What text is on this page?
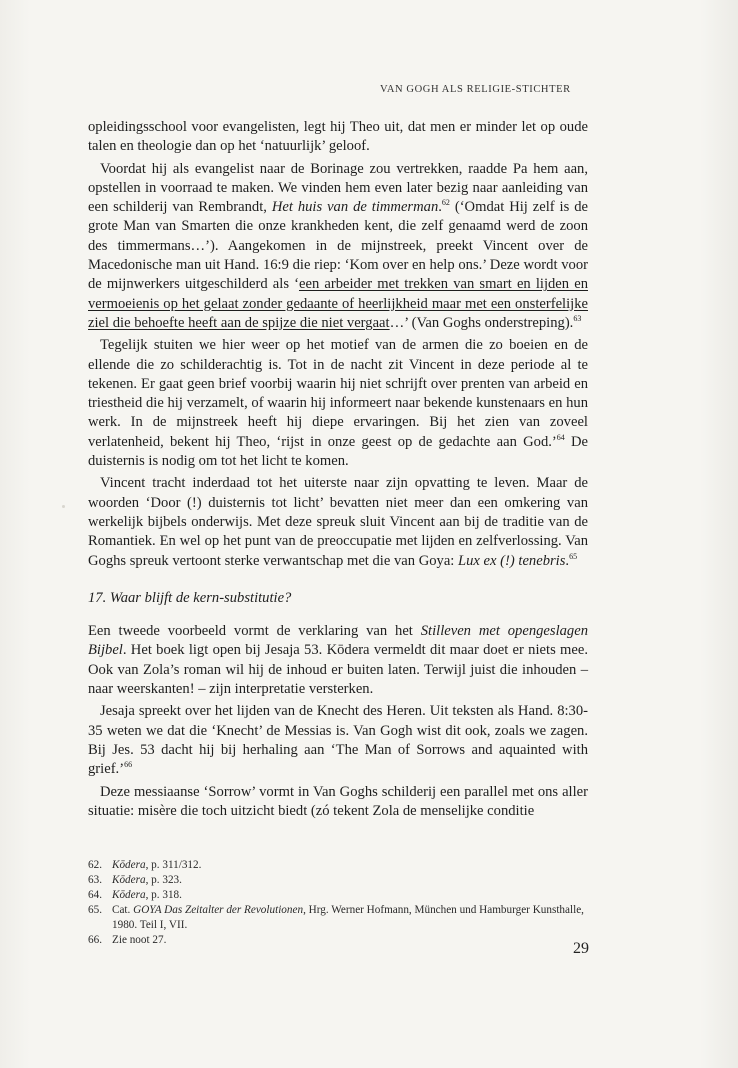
VAN GOGH ALS RELIGIE-STICHTER

opleidingsschool voor evangelisten, legt hij Theo uit, dat men er minder let op oude talen en theologie dan op het ‘natuurlijk’ geloof.

Voordat hij als evangelist naar de Borinage zou vertrekken, raadde Pa hem aan, opstellen in voorraad te maken. We vinden hem even later bezig naar aanleiding van een schilderij van Rembrandt, Het huis van de timmerman.$^{62}$ (‘Omdat Hij zelf is de grote Man van Smarten die onze krankheden kent, die zelf genaamd werd de zoon des timmermans…’). Aangekomen in de mijnstreek, preekt Vincent over de Macedonische man uit Hand. 16:9 die riep: ‘Kom over en help ons.’ Deze wordt voor de mijnwerkers uitgeschilderd als ‘een arbeider met trekken van smart en lijden en vermoeienis op het gelaat zonder gedaante of heerlijkheid maar met een onsterfelijke ziel die behoefte heeft aan de spijze die niet vergaat…’ (Van Goghs onderstreping).$^{63}$

Tegelijk stuiten we hier weer op het motief van de armen die zo boeien en de ellende die zo schilderachtig is. Tot in de nacht zit Vincent in deze periode al te tekenen. Er gaat geen brief voorbij waarin hij niet schrijft over prenten van arbeid en triestheid die hij verzamelt, of waarin hij informeert naar bekende kunstenaars en hun werk. In de mijnstreek heeft hij diepe ervaringen. Bij het zien van zoveel verlatenheid, bekent hij Theo, ‘rijst in onze geest op de gedachte aan God.’$^{64}$ De duisternis is nodig om tot het licht te komen.

Vincent tracht inderdaad tot het uiterste naar zijn opvatting te leven. Maar de woorden ‘Door (!) duisternis tot licht’ bevatten niet meer dan een omkering van werkelijk bijbels onderwijs. Met deze spreuk sluit Vincent aan bij de traditie van de Romantiek. En wel op het punt van de preoccupatie met lijden en zelfverlossing. Van Goghs spreuk vertoont sterke verwantschap met die van Goya: Lux ex (!) tenebris.$^{65}$

17. Waar blijft de kern-substitutie?

Een tweede voorbeeld vormt de verklaring van het Stilleven met opengeslagen Bijbel. Het boek ligt open bij Jesaja 53. Kōdera vermeldt dit maar doet er niets mee. Ook van Zola’s roman wil hij de inhoud er buiten laten. Terwijl juist die inhouden – naar weerskanten! – zijn interpretatie versterken.

Jesaja spreekt over het lijden van de Knecht des Heren. Uit teksten als Hand. 8:30-35 weten we dat die ‘Knecht’ de Messias is. Van Gogh wist dit ook, zoals we zagen. Bij Jes. 53 dacht hij bij herhaling aan ‘The Man of Sorrows and aquainted with grief.’$^{66}$

Deze messiaanse ‘Sorrow’ vormt in Van Goghs schilderij een parallel met ons aller situatie: misère die toch uitzicht biedt (zó tekent Zola de menselijke conditie

62. Kōdera, p. 311/312.
63. Kōdera, p. 323.
64. Kōdera, p. 318.
65. Cat. GOYA Das Zeitalter der Revolutionen, Hrg. Werner Hofmann, München und Hamburger Kunsthalle, 1980. Teil I, VII.
66. Zie noot 27.	29
